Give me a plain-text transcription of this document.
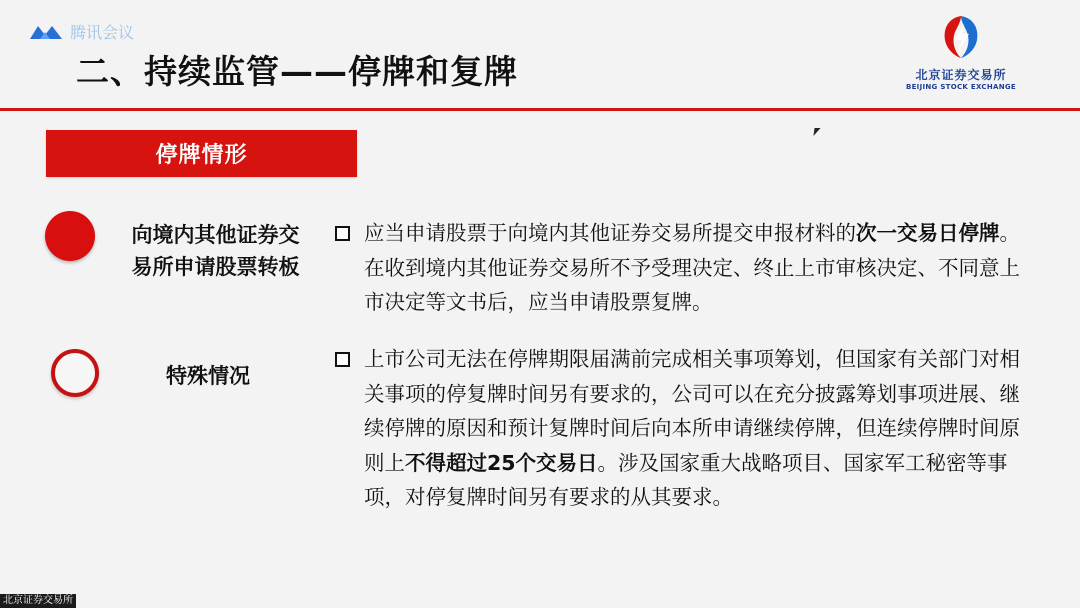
腾讯会议
二、持续监管——停牌和复牌	北京证券交易所
BEIJING STOCK EXCHANGE
停牌情形
向境内其他证券交
易所申请股票转板
应当申请股票于向境内其他证券交易所提交申报材料的次一交易日停牌。在收到境内其他证券交易所不予受理决定、终止上市审核决定、不同意上市决定等文书后，应当申请股票复牌。
特殊情况
上市公司无法在停牌期限届满前完成相关事项筹划，但国家有关部门对相关事项的停复牌时间另有要求的，公司可以在充分披露筹划事项进展、继续停牌的原因和预计复牌时间后向本所申请继续停牌，但连续停牌时间原则上不得超过25个交易日。涉及国家重大战略项目、国家军工秘密等事项，对停复牌时间另有要求的从其要求。
北京证券交易所
